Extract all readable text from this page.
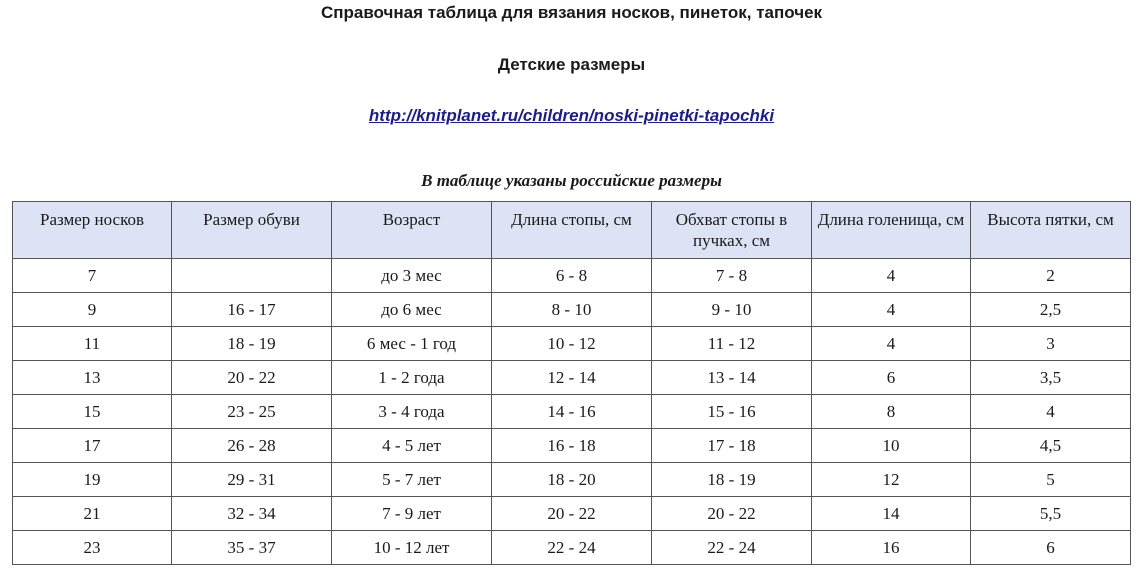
Справочная таблица для вязания носков, пинеток, тапочек
Детские размеры
http://knitplanet.ru/children/noski-pinetki-tapochki
В таблице указаны российские размеры
Размер носков	Размер обуви	Возраст	Длина стопы, см	Обхват стопы в пучках, см	Длина голенища, см	Высота пятки, см
7		до 3 мес	6 - 8	7 - 8	4	2
9	16 - 17	до 6 мес	8 - 10	9 - 10	4	2,5
11	18 - 19	6 мес - 1 год	10 - 12	11 - 12	4	3
13	20 - 22	1 - 2 года	12 - 14	13 - 14	6	3,5
15	23 - 25	3 - 4 года	14 - 16	15 - 16	8	4
17	26 - 28	4 - 5 лет	16 - 18	17 - 18	10	4,5
19	29 - 31	5 - 7 лет	18 - 20	18 - 19	12	5
21	32 - 34	7 - 9 лет	20 - 22	20 - 22	14	5,5
23	35 - 37	10 - 12 лет	22 - 24	22 - 24	16	6
